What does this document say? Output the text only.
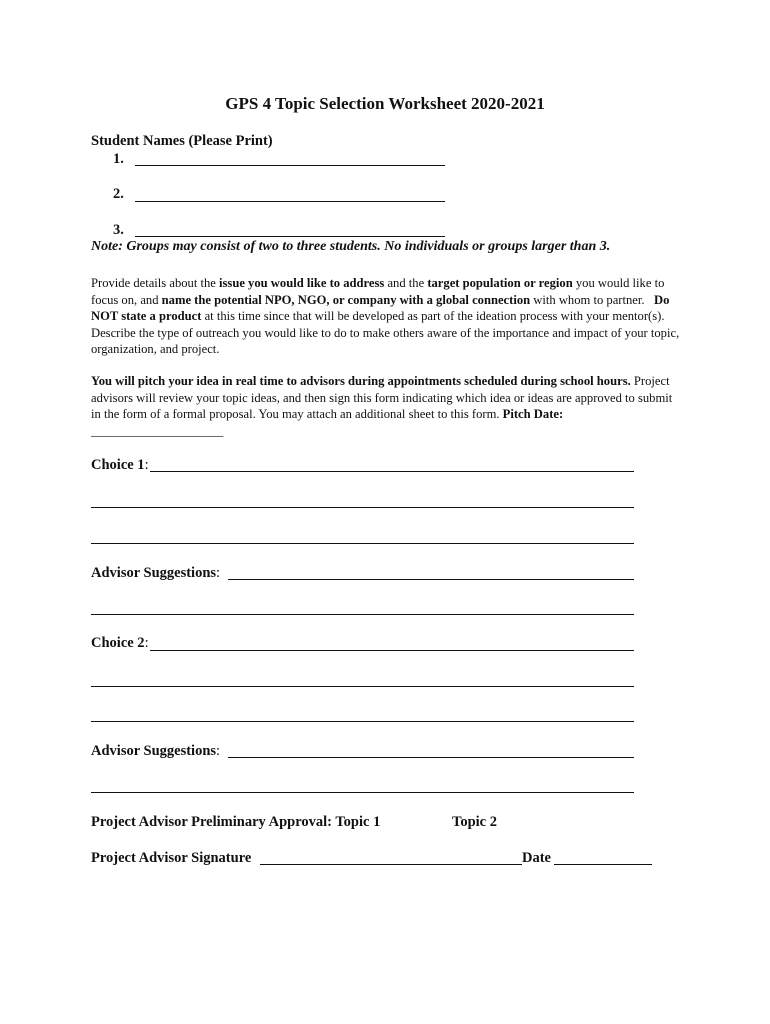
GPS 4 Topic Selection Worksheet 2020-2021
Student Names (Please Print)
1.
2.
3.
Note: Groups may consist of two to three students. No individuals or groups larger than 3.
Provide details about the issue you would like to address and the target population or region you would like to focus on, and name the potential NPO, NGO, or company with a global connection with whom to partner.   Do NOT state a product at this time since that will be developed as part of the ideation process with your mentor(s). Describe the type of outreach you would like to do to make others aware of the importance and impact of your topic, organization, and project.
You will pitch your idea in real time to advisors during appointments scheduled during school hours. Project advisors will review your topic ideas, and then sign this form indicating which idea or ideas are approved to submit in the form of a formal proposal. You may attach an additional sheet to this form. Pitch Date: _____________________
Choice 1:
Advisor Suggestions:
Choice 2:
Advisor Suggestions:
Project Advisor Preliminary Approval: Topic 1	Topic 2
Project Advisor Signature	Date
